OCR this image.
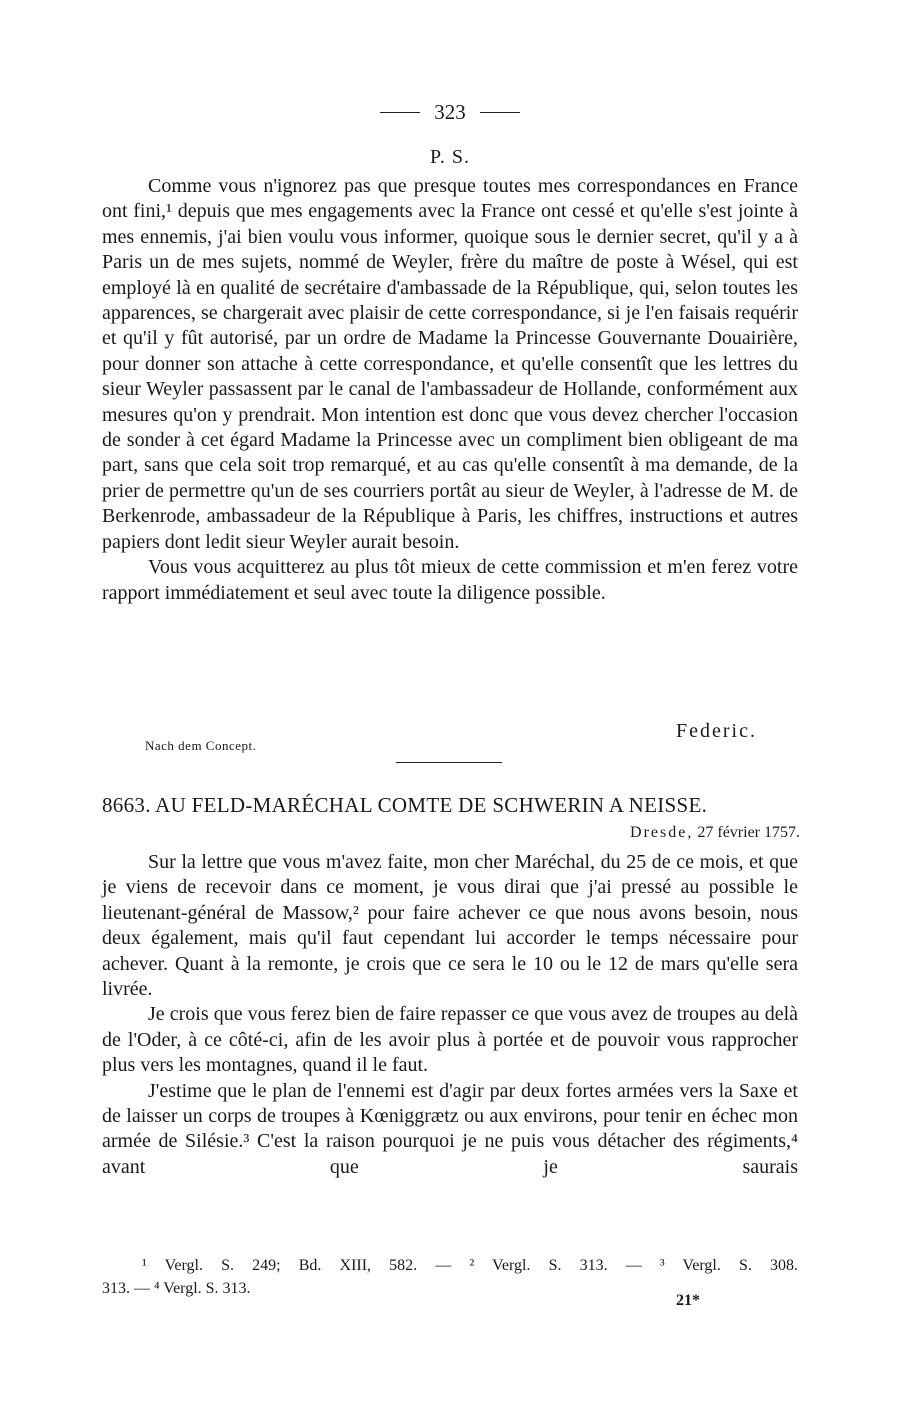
323
P. S.

Comme vous n'ignorez pas que presque toutes mes correspondances en France ont fini,¹ depuis que mes engagements avec la France ont cessé et qu'elle s'est jointe à mes ennemis, j'ai bien voulu vous informer, quoique sous le dernier secret, qu'il y a à Paris un de mes sujets, nommé de Weyler, frère du maître de poste à Wésel, qui est employé là en qualité de secrétaire d'ambassade de la République, qui, selon toutes les apparences, se chargerait avec plaisir de cette correspondance, si je l'en faisais requérir et qu'il y fût autorisé, par un ordre de Madame la Princesse Gouvernante Douairière, pour donner son attache à cette correspondance, et qu'elle consentît que les lettres du sieur Weyler passassent par le canal de l'ambassadeur de Hollande, conformément aux mesures qu'on y prendrait. Mon intention est donc que vous devez chercher l'occasion de sonder à cet égard Madame la Princesse avec un compliment bien obligeant de ma part, sans que cela soit trop remarqué, et au cas qu'elle consentît à ma demande, de la prier de permettre qu'un de ses courriers portât au sieur de Weyler, à l'adresse de M. de Berkenrode, ambassadeur de la République à Paris, les chiffres, instructions et autres papiers dont ledit sieur Weyler aurait besoin.

Vous vous acquitterez au plus tôt mieux de cette commission et m'en ferez votre rapport immédiatement et seul avec toute la diligence possible.

Federic.
Nach dem Concept.
8663. AU FELD-MARÉCHAL COMTE DE SCHWERIN A NEISSE.
Dresde, 27 février 1757.

Sur la lettre que vous m'avez faite, mon cher Maréchal, du 25 de ce mois, et que je viens de recevoir dans ce moment, je vous dirai que j'ai pressé au possible le lieutenant-général de Massow,² pour faire achever ce que nous avons besoin, nous deux également, mais qu'il faut cependant lui accorder le temps nécessaire pour achever. Quant à la remonte, je crois que ce sera le 10 ou le 12 de mars qu'elle sera livrée.

Je crois que vous ferez bien de faire repasser ce que vous avez de troupes au delà de l'Oder, à ce côté-ci, afin de les avoir plus à portée et de pouvoir vous rapprocher plus vers les montagnes, quand il le faut.

J'estime que le plan de l'ennemi est d'agir par deux fortes armées vers la Saxe et de laisser un corps de troupes à Kœniggrætz ou aux environs, pour tenir en échec mon armée de Silésie.³ C'est la raison pourquoi je ne puis vous détacher des régiments,⁴ avant que je saurais

¹ Vergl. S. 249; Bd. XIII, 582. — ² Vergl. S. 313. — ³ Vergl. S. 308.

313. — ⁴ Vergl. S. 313.

21*
